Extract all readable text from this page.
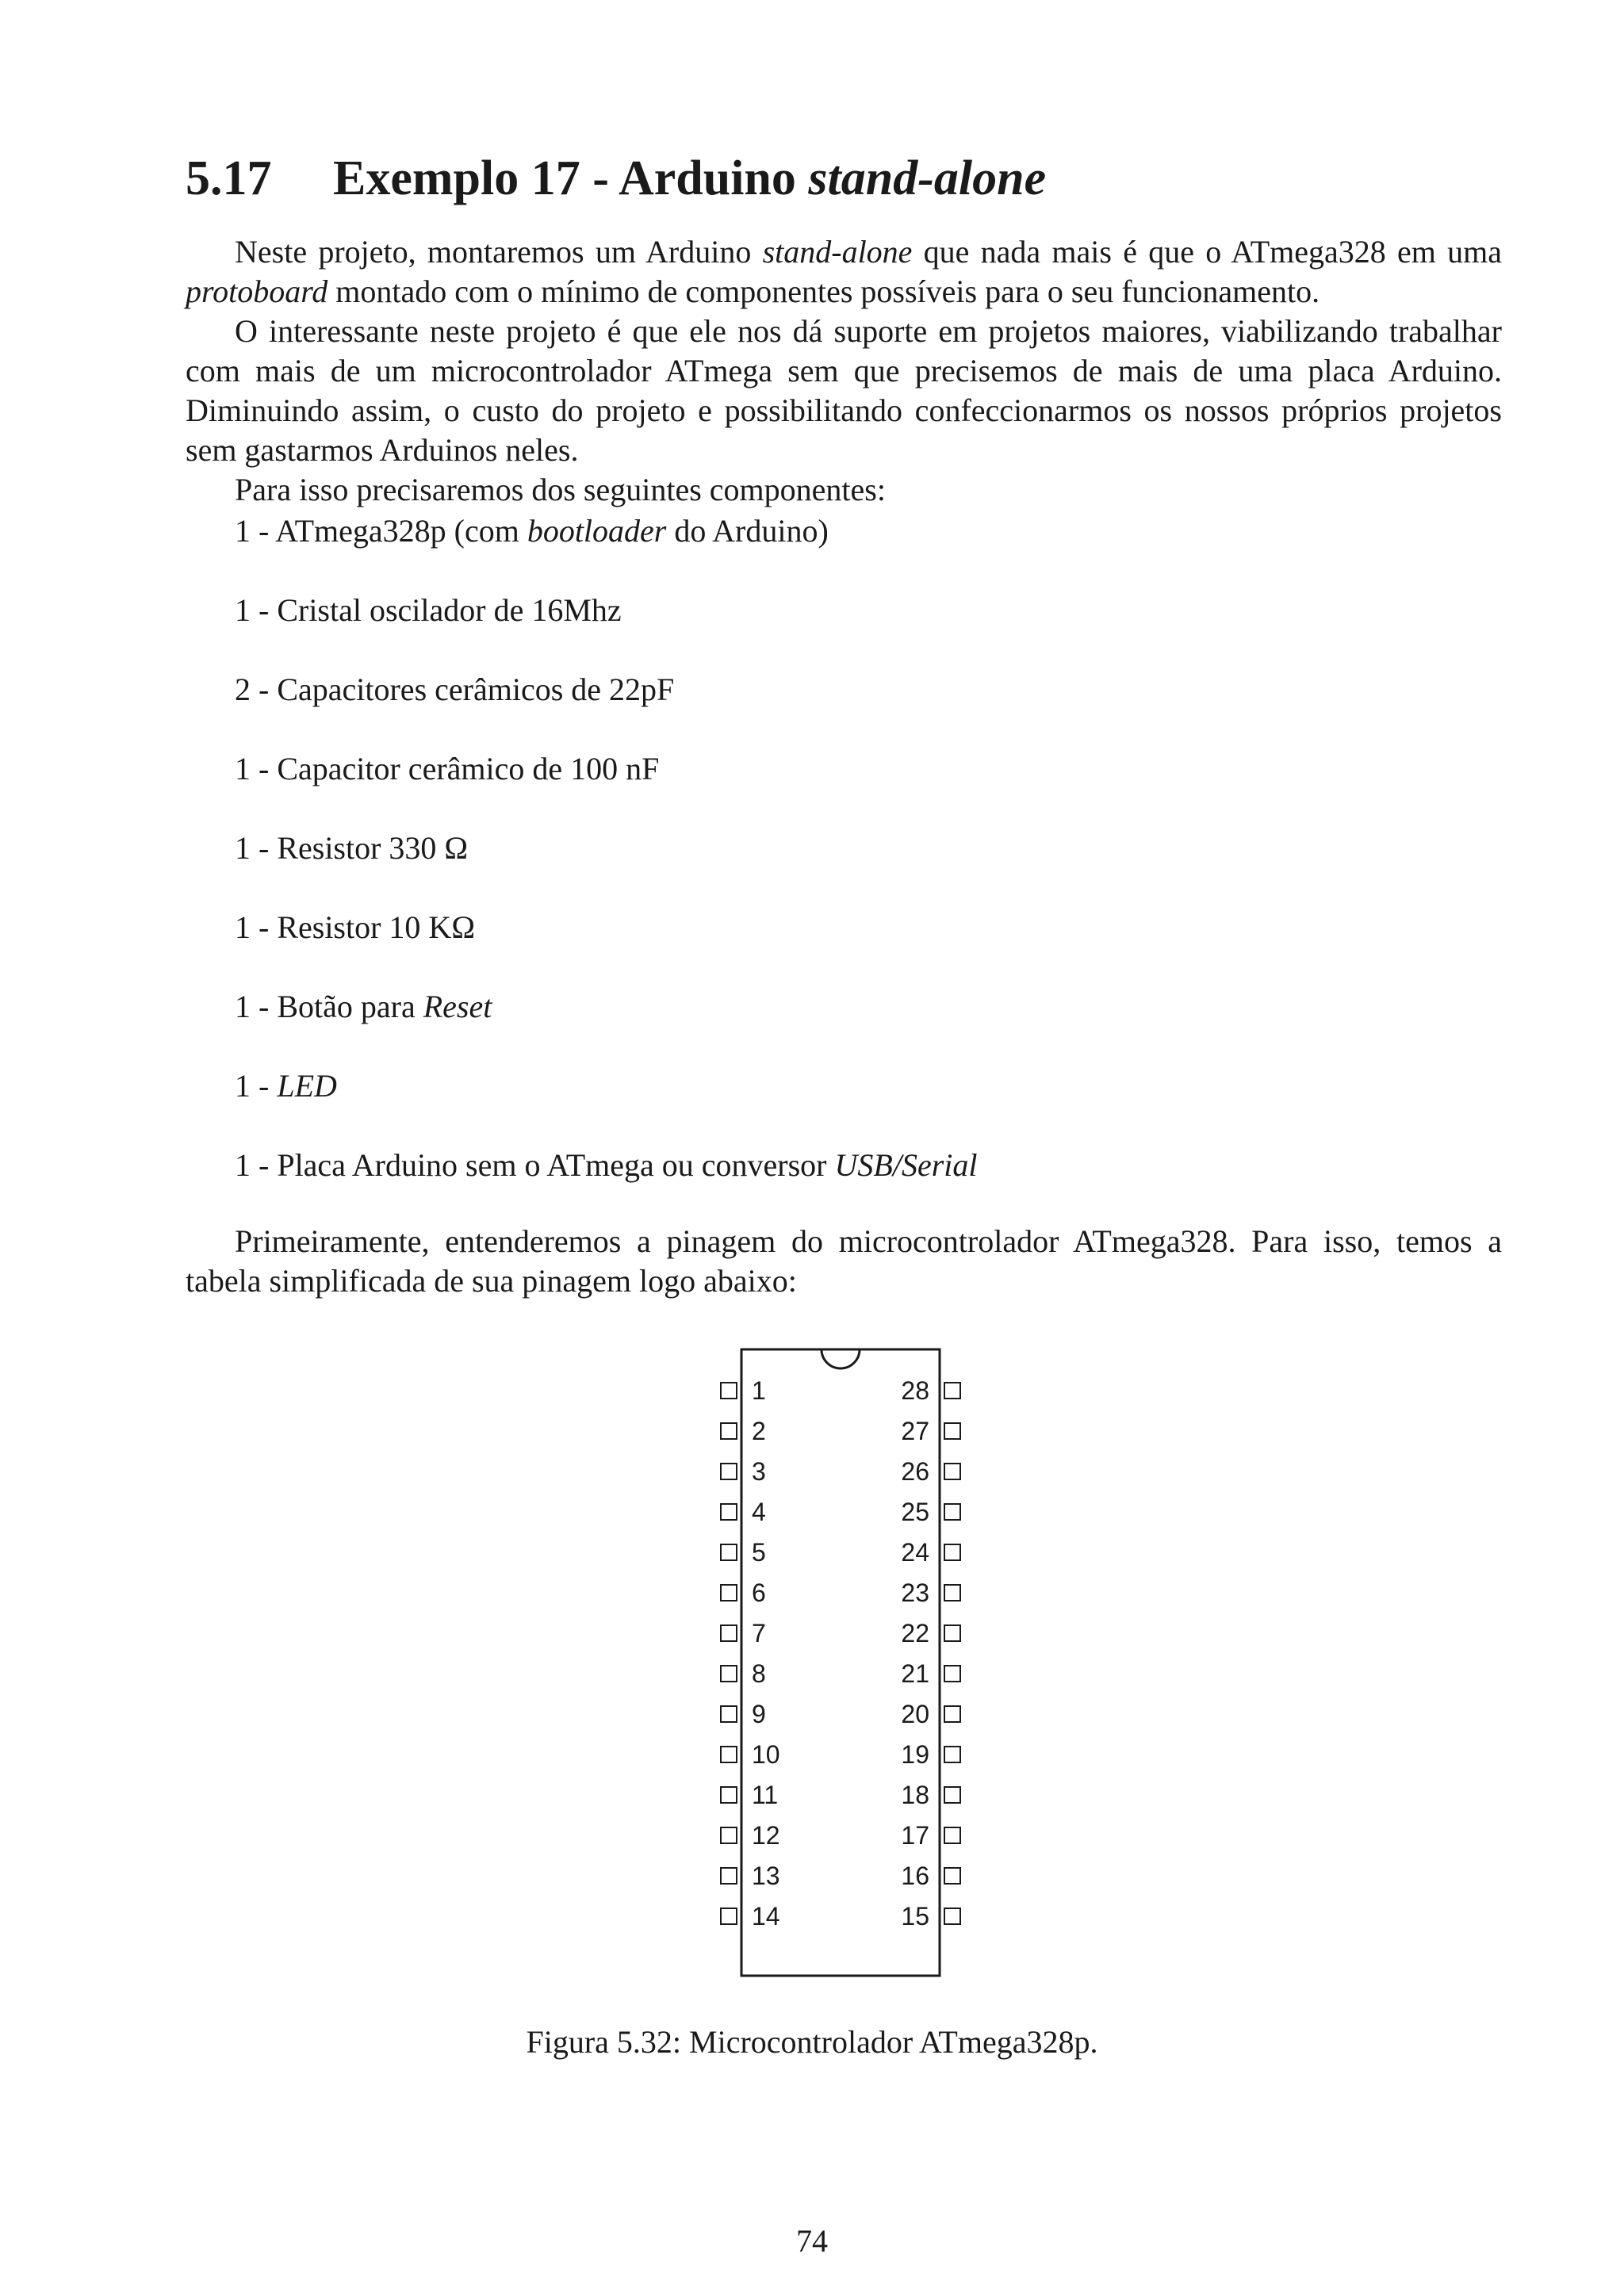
5.17 Exemplo 17 - Arduino stand-alone

Neste projeto, montaremos um Arduino stand-alone que nada mais é que o ATmega328 em uma protoboard montado com o mínimo de componentes possíveis para o seu funcionamento.

O interessante neste projeto é que ele nos dá suporte em projetos maiores, viabilizando trabalhar com mais de um microcontrolador ATmega sem que precisemos de mais de uma placa Arduino. Diminuindo assim, o custo do projeto e possibilitando confeccionarmos os nossos próprios projetos sem gastarmos Arduinos neles.

Para isso precisaremos dos seguintes componentes:

1 - ATmega328p (com bootloader do Arduino)
1 - Cristal oscilador de 16Mhz
2 - Capacitores cerâmicos de 22pF
1 - Capacitor cerâmico de 100 nF
1 - Resistor 330 Ω
1 - Resistor 10 KΩ
1 - Botão para Reset
1 - LED
1 - Placa Arduino sem o ATmega ou conversor USB/Serial

Primeiramente, entenderemos a pinagem do microcontrolador ATmega328. Para isso, temos a tabela simplificada de sua pinagem logo abaixo:

1
2
3
4
5
6
7
8
9
10
11
12
13
14
28
27
26
25
24
23
22
21
20
19
18
17
16
15
Figura 5.32: Microcontrolador ATmega328p.
74
